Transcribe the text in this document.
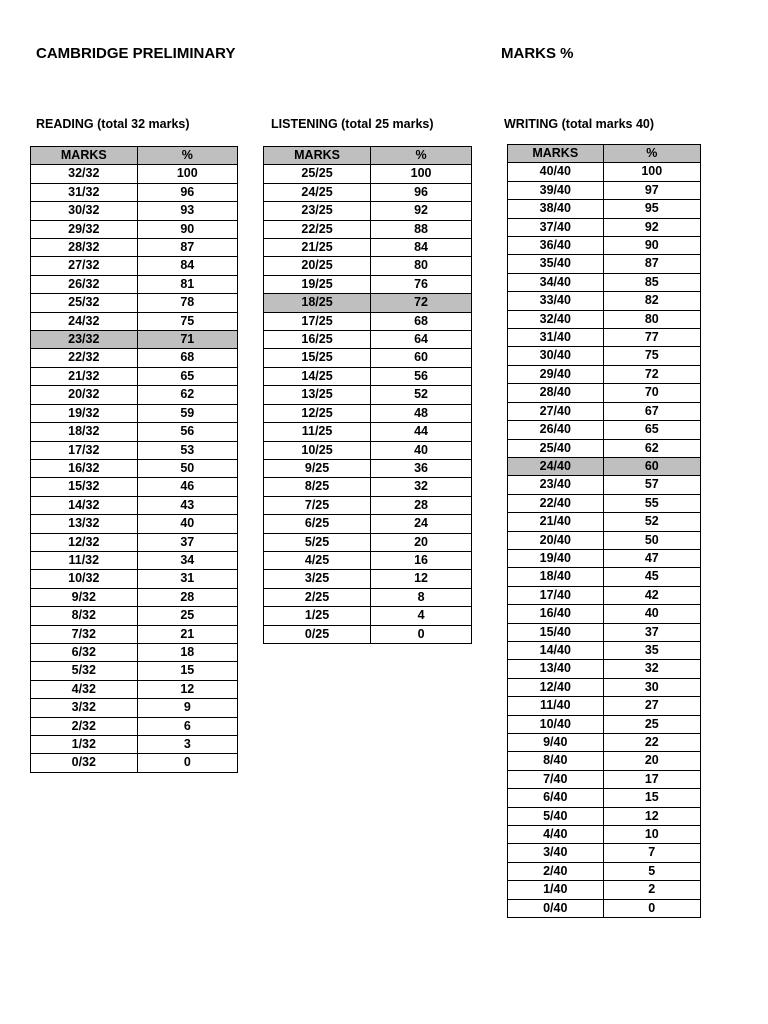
CAMBRIDGE PRELIMINARY	MARKS %
READING (total 32 marks)	LISTENING (total 25 marks)	WRITING (total marks 40)
MARKS	%
32/32	100
31/32	96
30/32	93
29/32	90
28/32	87
27/32	84
26/32	81
25/32	78
24/32	75
23/32	71
22/32	68
21/32	65
20/32	62
19/32	59
18/32	56
17/32	53
16/32	50
15/32	46
14/32	43
13/32	40
12/32	37
11/32	34
10/32	31
9/32	28
8/32	25
7/32	21
6/32	18
5/32	15
4/32	12
3/32	9
2/32	6
1/32	3
0/32	0
MARKS	%
25/25	100
24/25	96
23/25	92
22/25	88
21/25	84
20/25	80
19/25	76
18/25	72
17/25	68
16/25	64
15/25	60
14/25	56
13/25	52
12/25	48
11/25	44
10/25	40
9/25	36
8/25	32
7/25	28
6/25	24
5/25	20
4/25	16
3/25	12
2/25	8
1/25	4
0/25	0
MARKS	%
40/40	100
39/40	97
38/40	95
37/40	92
36/40	90
35/40	87
34/40	85
33/40	82
32/40	80
31/40	77
30/40	75
29/40	72
28/40	70
27/40	67
26/40	65
25/40	62
24/40	60
23/40	57
22/40	55
21/40	52
20/40	50
19/40	47
18/40	45
17/40	42
16/40	40
15/40	37
14/40	35
13/40	32
12/40	30
11/40	27
10/40	25
9/40	22
8/40	20
7/40	17
6/40	15
5/40	12
4/40	10
3/40	7
2/40	5
1/40	2
0/40	0
